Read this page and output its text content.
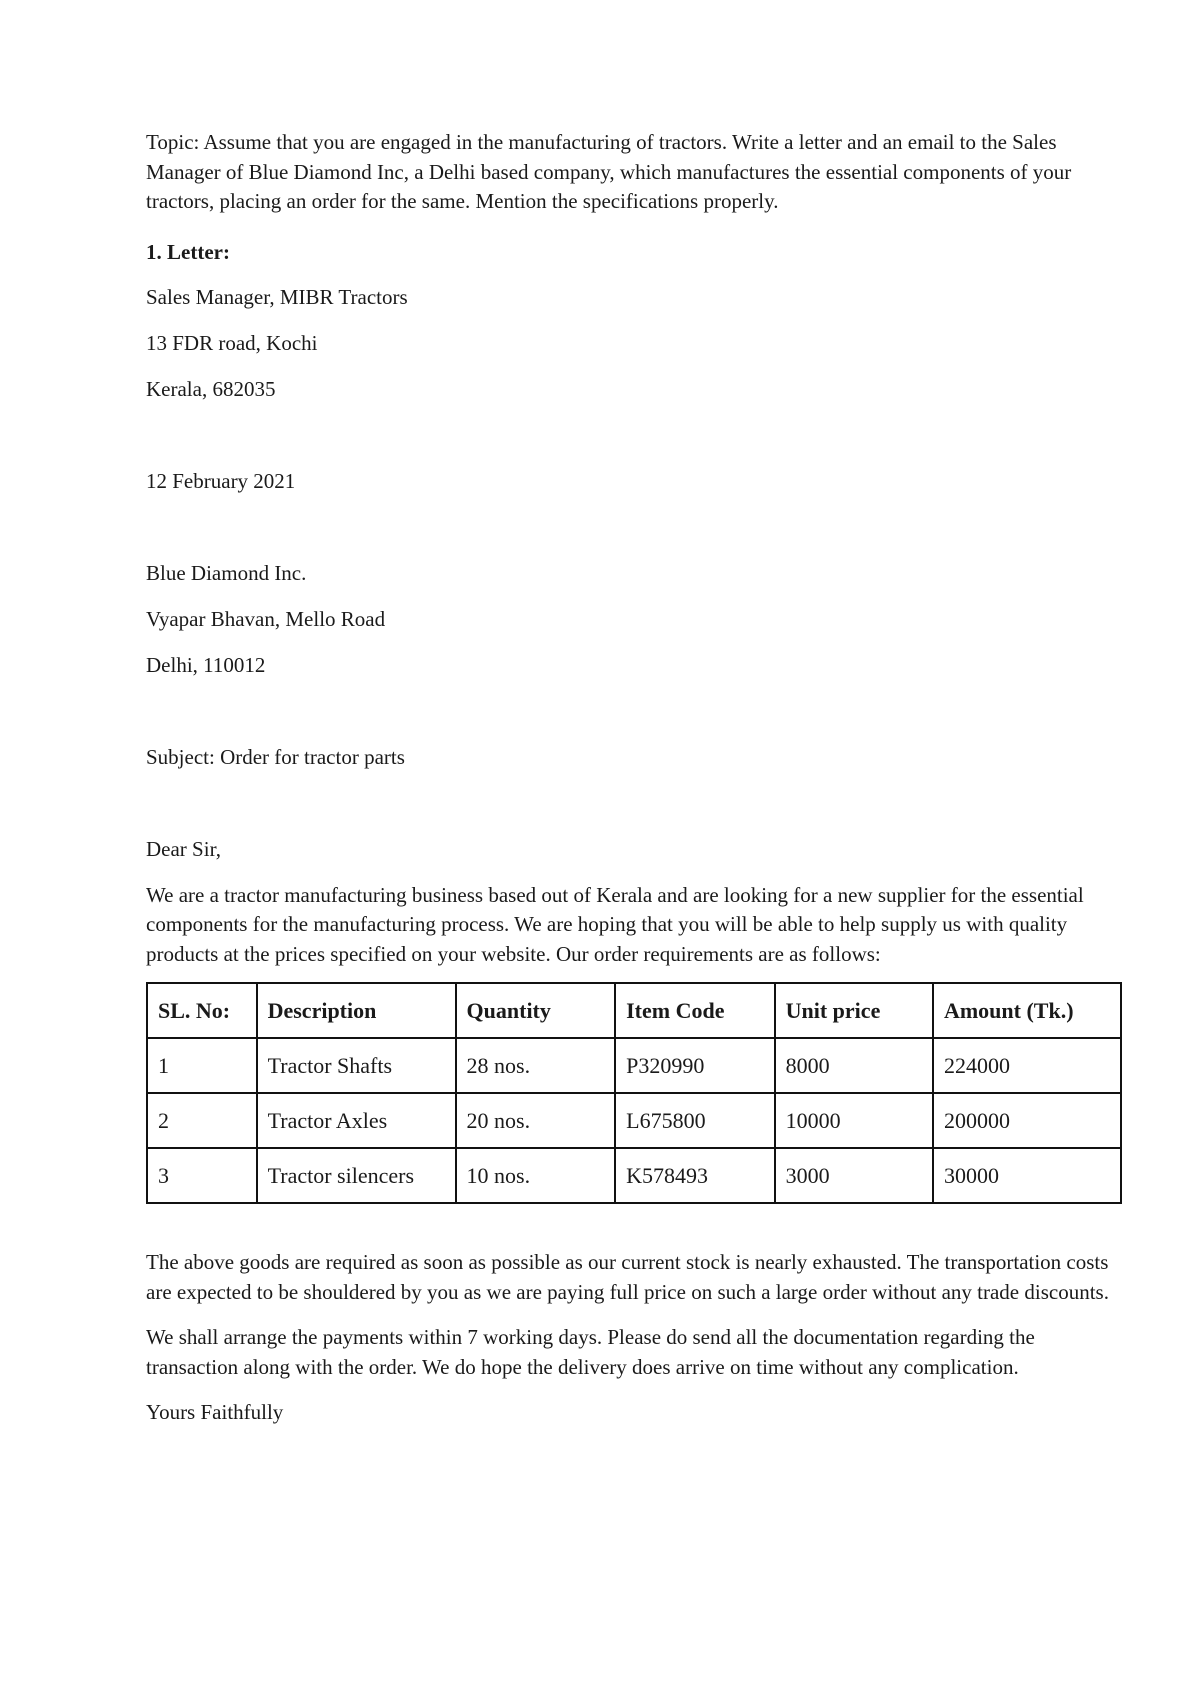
Topic: Assume that you are engaged in the manufacturing of tractors. Write a letter and an email to the Sales Manager of Blue Diamond Inc, a Delhi based company, which manufactures the essential components of your tractors, placing an order for the same. Mention the specifications properly.

1. Letter:

Sales Manager, MIBR Tractors

13 FDR road, Kochi

Kerala, 682035

12 February 2021

Blue Diamond Inc.

Vyapar Bhavan, Mello Road

Delhi, 110012

Subject: Order for tractor parts

Dear Sir,

We are a tractor manufacturing business based out of Kerala and are looking for a new supplier for the essential components for the manufacturing process. We are hoping that you will be able to help supply us with quality products at the prices specified on your website. Our order requirements are as follows:

SL. No:	Description	Quantity	Item Code	Unit price	Amount (Tk.)
1	Tractor Shafts	28 nos.	P320990	8000	224000
2	Tractor Axles	20 nos.	L675800	10000	200000
3	Tractor silencers	10 nos.	K578493	3000	30000

The above goods are required as soon as possible as our current stock is nearly exhausted. The transportation costs are expected to be shouldered by you as we are paying full price on such a large order without any trade discounts.

We shall arrange the payments within 7 working days. Please do send all the documentation regarding the transaction along with the order. We do hope the delivery does arrive on time without any complication.

Yours Faithfully
